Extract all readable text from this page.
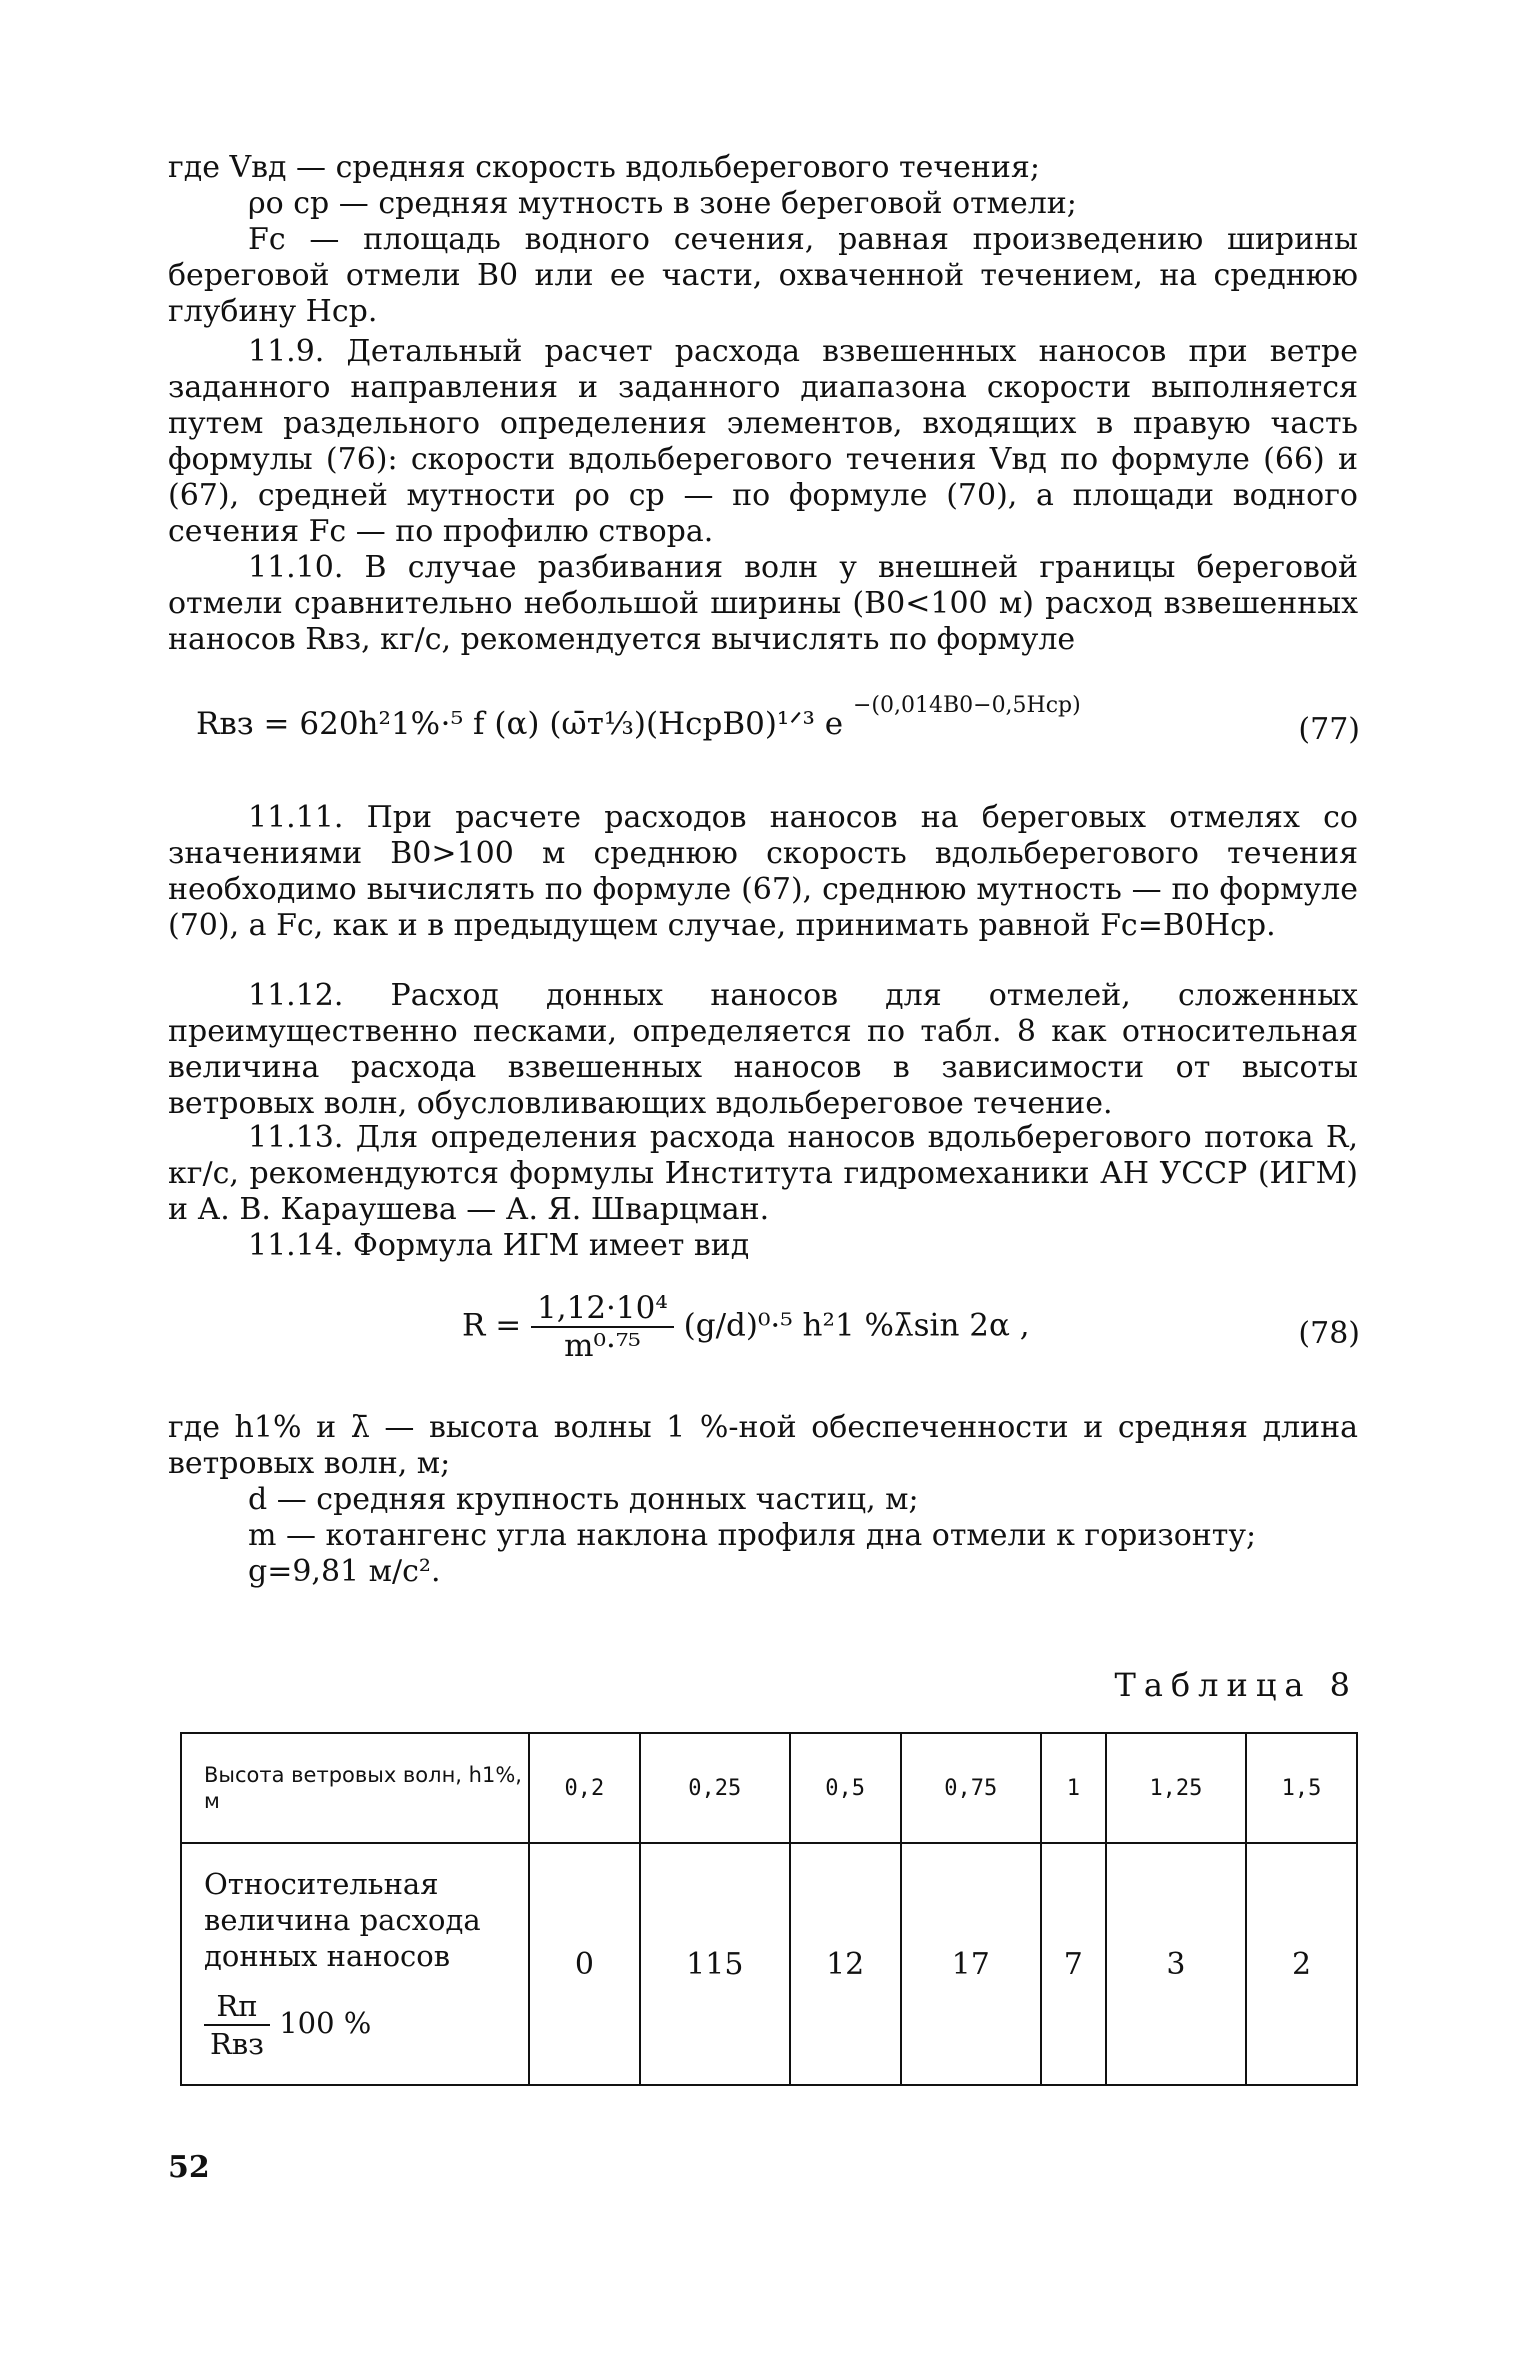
где Vвд — средняя скорость вдольберегового течения;

ρо ср — средняя мутность в зоне береговой отмели;

Fс — площадь водного сечения, равная произведению ширины береговой отмели B0 или ее части, охваченной течением, на среднюю глубину Hср.

11.9. Детальный расчет расхода взвешенных наносов при ветре заданного направления и заданного диапазона скорости выполняется путем раздельного определения элементов, входящих в правую часть формулы (76): скорости вдольберегового течения Vвд по формуле (66) и (67), средней мутности ρо ср — по формуле (70), а площади водного сечения Fс — по профилю створа.

11.10. В случае разбивания волн у внешней границы береговой отмели сравнительно небольшой ширины (B0<100 м) расход взвешенных наносов Rвз, кг/с, рекомендуется вычислять по формуле

Rвз = 620h²1%⋅⁵ f (α) (ω̄т⅓)(HсрB0)¹ᐟ³ e $^{-(0,014B0-0,5Hср)}$
(77)

11.11. При расчете расходов наносов на береговых отмелях со значениями B0>100 м среднюю скорость вдольберегового течения необходимо вычислять по формуле (67), среднюю мутность — по формуле (70), а Fс, как и в предыдущем случае, принимать равной Fс=B0Hср.

11.12. Расход донных наносов для отмелей, сложенных преимущественно песками, определяется по табл. 8 как относительная величина расхода взвешенных наносов в зависимости от высоты ветровых волн, обусловливающих вдольбереговое течение.

11.13. Для определения расхода наносов вдольберегового потока R, кг/с, рекомендуются формулы Института гидромеханики АН УССР (ИГМ) и А. В. Караушева — А. Я. Шварцман.

11.14. Формула ИГМ имеет вид

$R = \frac{\text{1,12·10⁴}}{\text{m⁰·⁷⁵}} (g/d)^0\cdot^5$ h²1 %λ̄sin 2α ,	(78)

где h1% и λ̄ — высота волны 1 %-ной обеспеченности и средняя длина ветровых волн, м;

d — средняя крупность донных частиц, м;

m — котангенс угла наклона профиля дна отмели к горизонту;

g=9,81 м/с².

Таблица 8
Высота ветровых волн, h1%, м	0,2	0,25	0,5	0,75	1	1,25	1,5

Относительная величина расхода донных наносов
$\frac{Rп}{\text{Rвз}} 100$ %	0	115	12	17	7	3	2
52
